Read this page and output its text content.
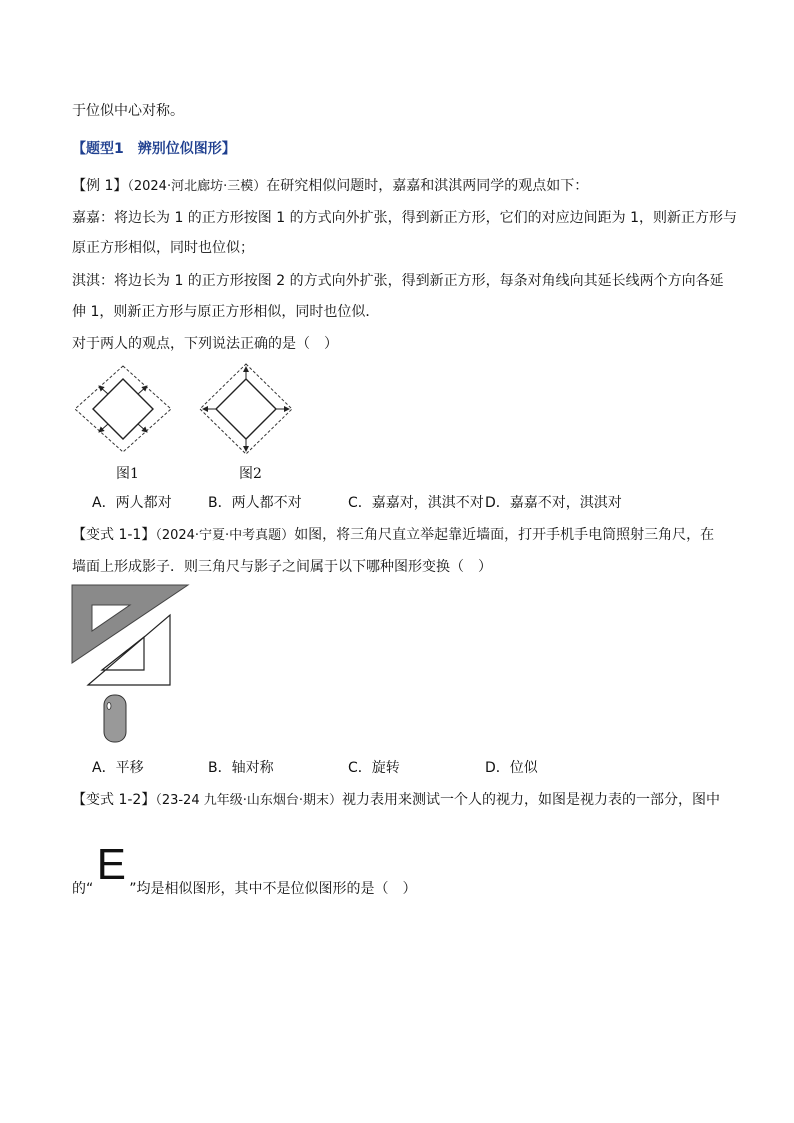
于位似中心对称。
【题型1　辨别位似图形】
【例 1】（2024·河北廊坊·三模）在研究相似问题时，嘉嘉和淇淇两同学的观点如下：
嘉嘉：将边长为 1 的正方形按图 1 的方式向外扩张，得到新正方形，它们的对应边间距为 1，则新正方形与
原正方形相似，同时也位似；
淇淇：将边长为 1 的正方形按图 2 的方式向外扩张，得到新正方形，每条对角线向其延长线两个方向各延
伸 1，则新正方形与原正方形相似，同时也位似．
对于两人的观点，下列说法正确的是（　）
图1	图2
A．两人都对	B．两人都不对	C．嘉嘉对，淇淇不对 D．嘉嘉不对，淇淇对
【变式 1-1】（2024·宁夏·中考真题）如图，将三角尺直立举起靠近墙面，打开手机手电筒照射三角尺，在
墙面上形成影子．则三角尺与影子之间属于以下哪种图形变换（　）
A．平移	B．轴对称	C．旋转	D．位似
【变式 1-2】（23-24 九年级·山东烟台·期末）视力表用来测试一个人的视力，如图是视力表的一部分，图中
的“E ”均是相似图形，其中不是位似图形的是（　）
